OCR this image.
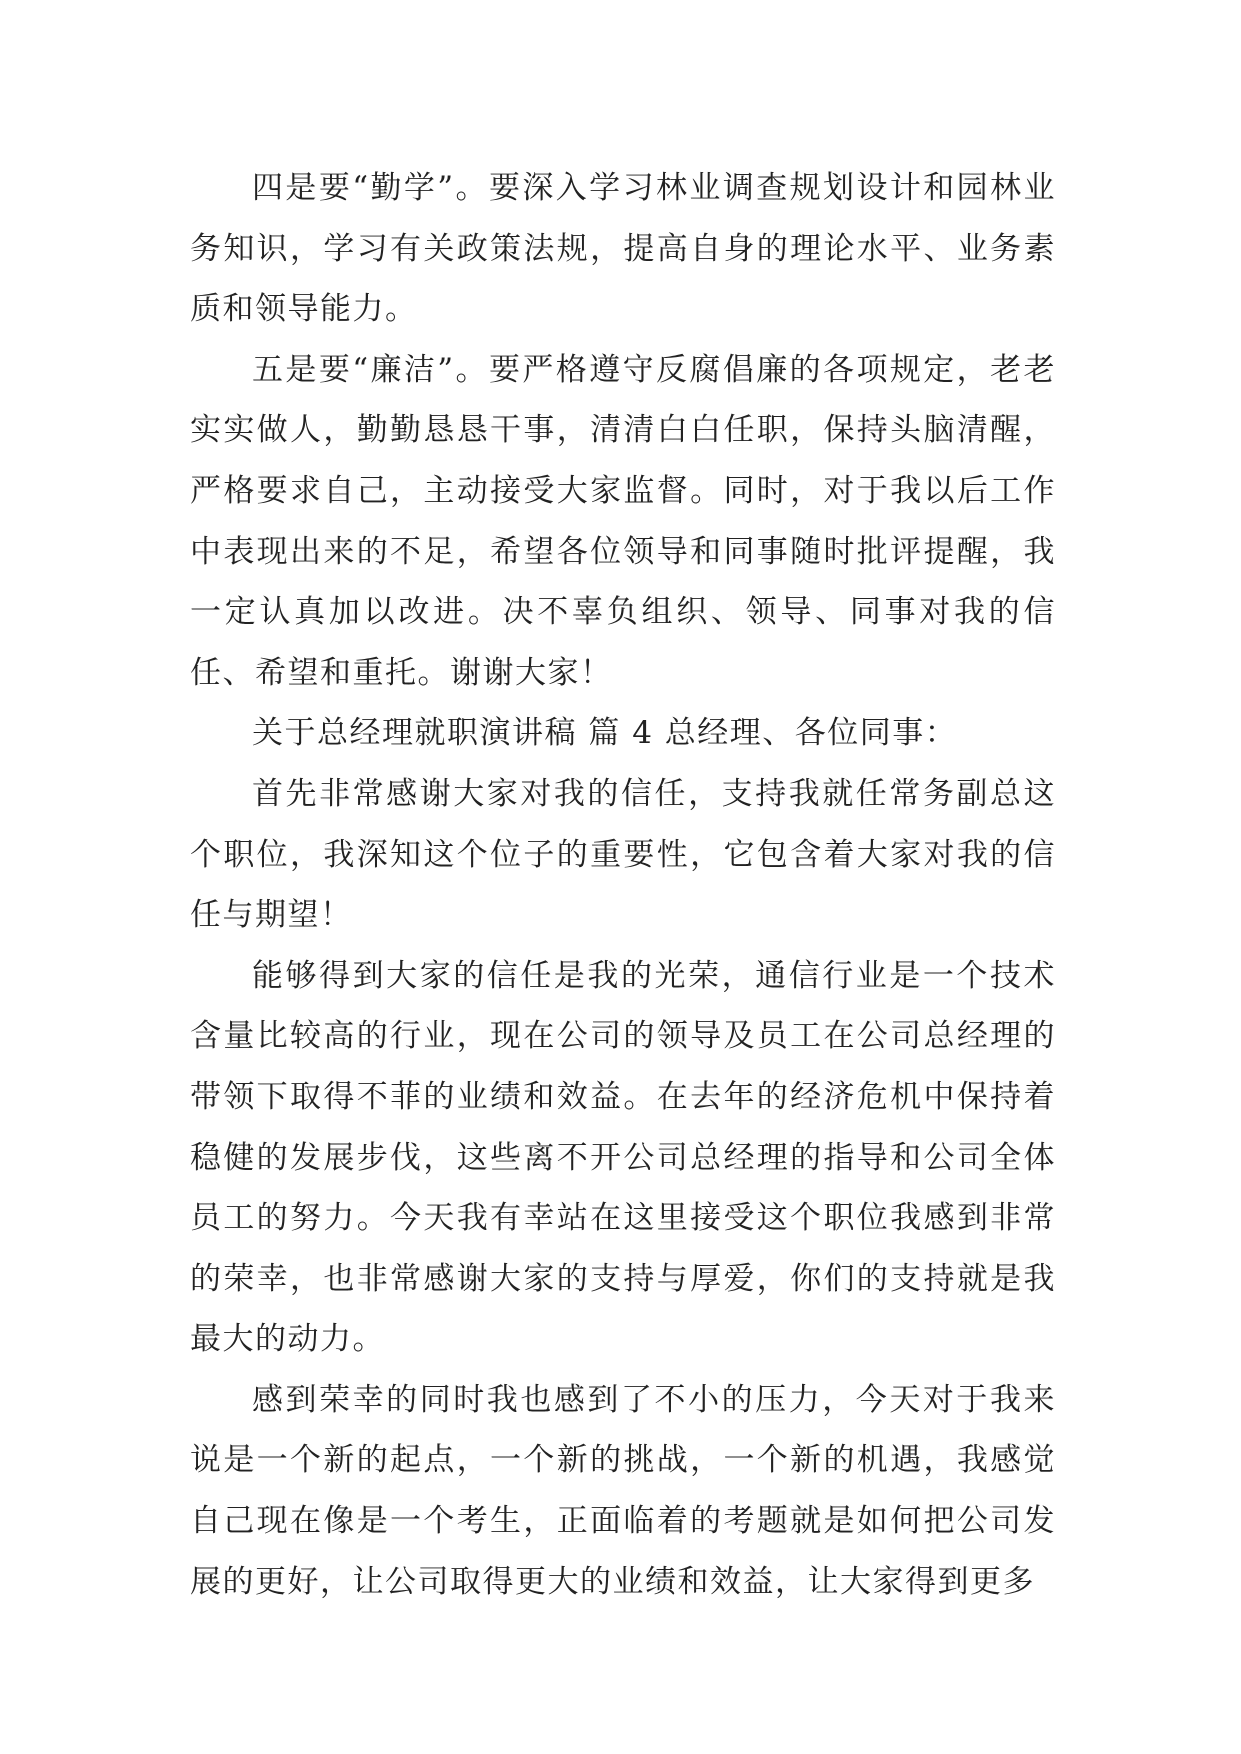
四是要“勤学”。要深入学习林业调查规划设计和园林业务知识，学习有关政策法规，提高自身的理论水平、业务素质和领导能力。

五是要“廉洁”。要严格遵守反腐倡廉的各项规定，老老实实做人，勤勤恳恳干事，清清白白任职，保持头脑清醒，严格要求自己，主动接受大家监督。同时，对于我以后工作中表现出来的不足，希望各位领导和同事随时批评提醒，我一定认真加以改进。决不辜负组织、领导、同事对我的信任、希望和重托。谢谢大家！

关于总经理就职演讲稿 篇 4 总经理、各位同事：

首先非常感谢大家对我的信任，支持我就任常务副总这个职位，我深知这个位子的重要性，它包含着大家对我的信任与期望！

能够得到大家的信任是我的光荣，通信行业是一个技术含量比较高的行业，现在公司的领导及员工在公司总经理的带领下取得不菲的业绩和效益。在去年的经济危机中保持着稳健的发展步伐，这些离不开公司总经理的指导和公司全体员工的努力。今天我有幸站在这里接受这个职位我感到非常的荣幸，也非常感谢大家的支持与厚爱，你们的支持就是我最大的动力。

感到荣幸的同时我也感到了不小的压力，今天对于我来说是一个新的起点，一个新的挑战，一个新的机遇，我感觉自己现在像是一个考生，正面临着的考题就是如何把公司发展的更好，让公司取得更大的业绩和效益，让大家得到更多
